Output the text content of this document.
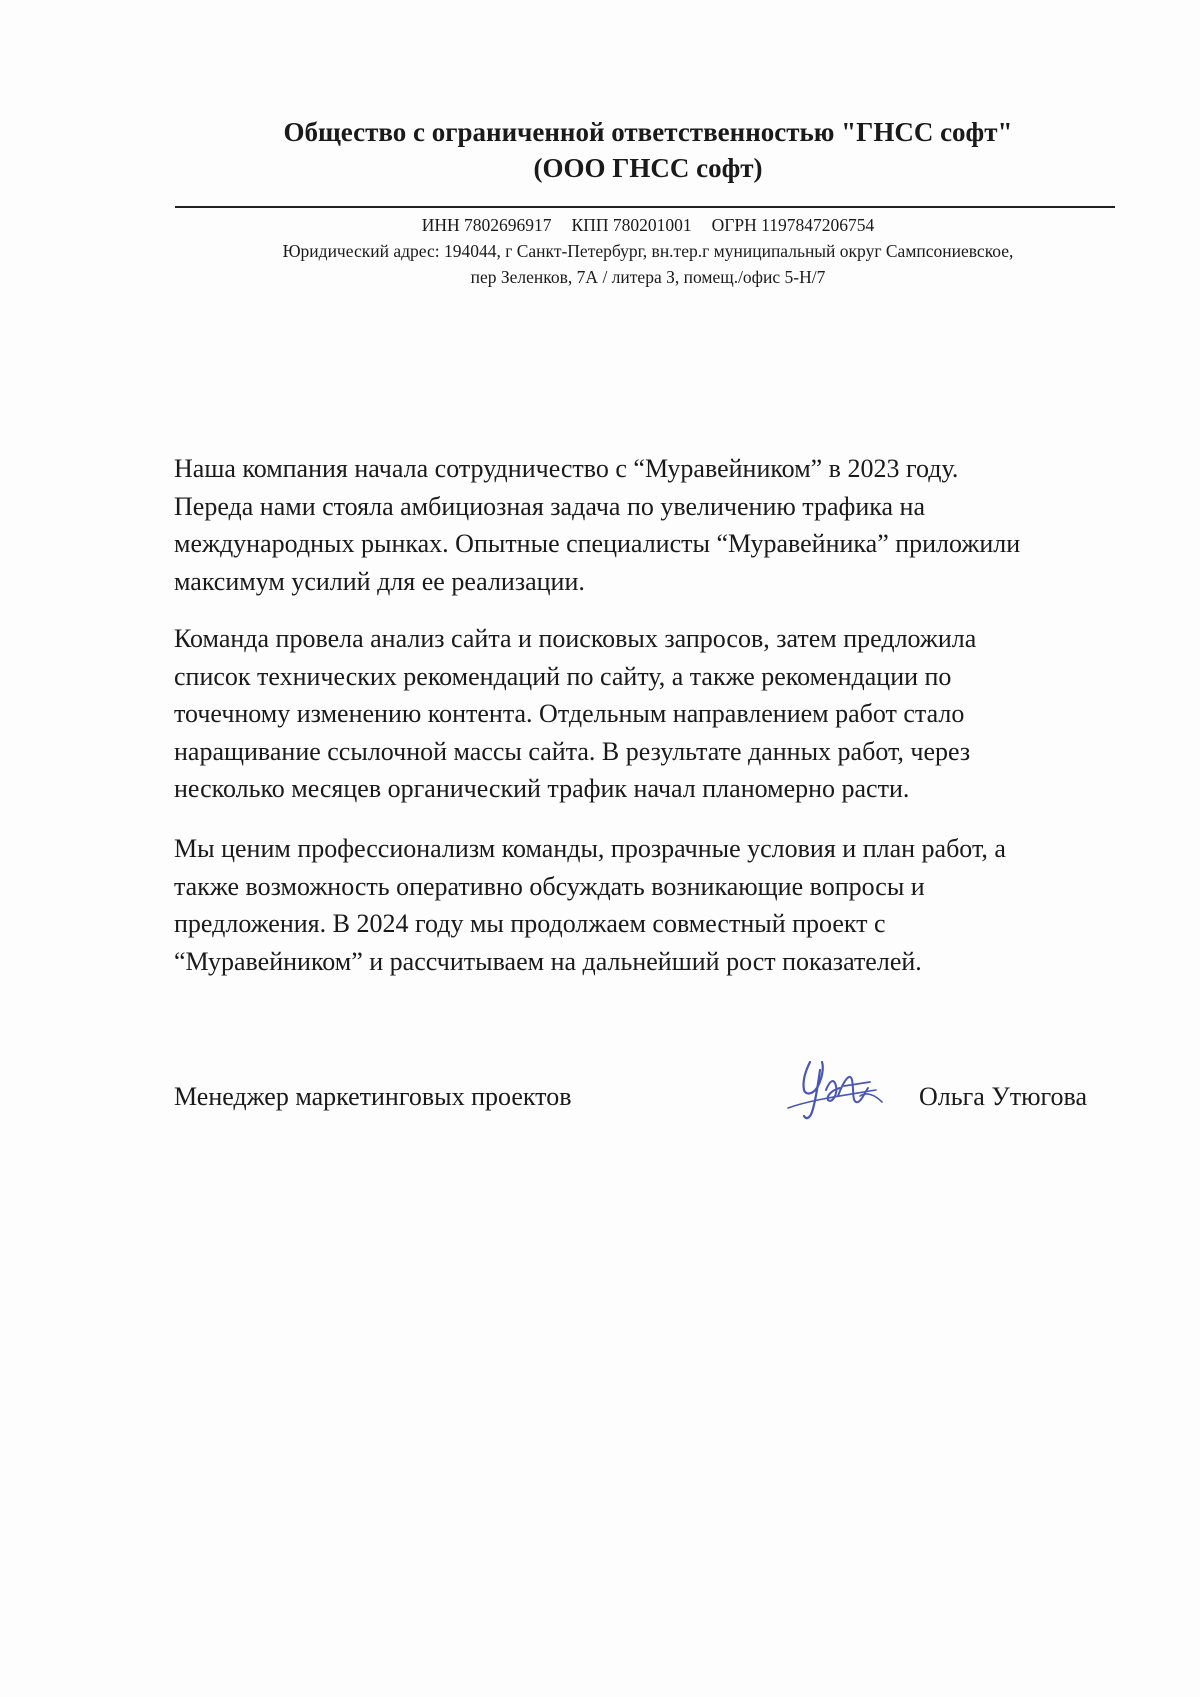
Общество с ограниченной ответственностью "ГНСС софт"
(ООО ГНСС софт)
ИНН 7802696917 КПП 780201001 ОГРН 1197847206754
Юридический адрес: 194044, г Санкт-Петербург, вн.тер.г муниципальный округ Сампсониевское,
пер Зеленков, 7А / литера З, помещ./офис 5-Н/7

Наша компания начала сотрудничество с “Муравейником” в 2023 году.

Переда нами стояла амбициозная задача по увеличению трафика на

международных рынках. Опытные специалисты “Муравейника” приложили

максимум усилий для ее реализации.

Команда провела анализ сайта и поисковых запросов, затем предложила

список технических рекомендаций по сайту, а также рекомендации по

точечному изменению контента. Отдельным направлением работ стало

наращивание ссылочной массы сайта. В результате данных работ, через

несколько месяцев органический трафик начал планомерно расти.

Мы ценим профессионализм команды, прозрачные условия и план работ, а

также возможность оперативно обсуждать возникающие вопросы и

предложения. В 2024 году мы продолжаем совместный проект с

“Муравейником” и рассчитываем на дальнейший рост показателей.

Менеджер маркетинговых проектов	Ольга Утюгова
